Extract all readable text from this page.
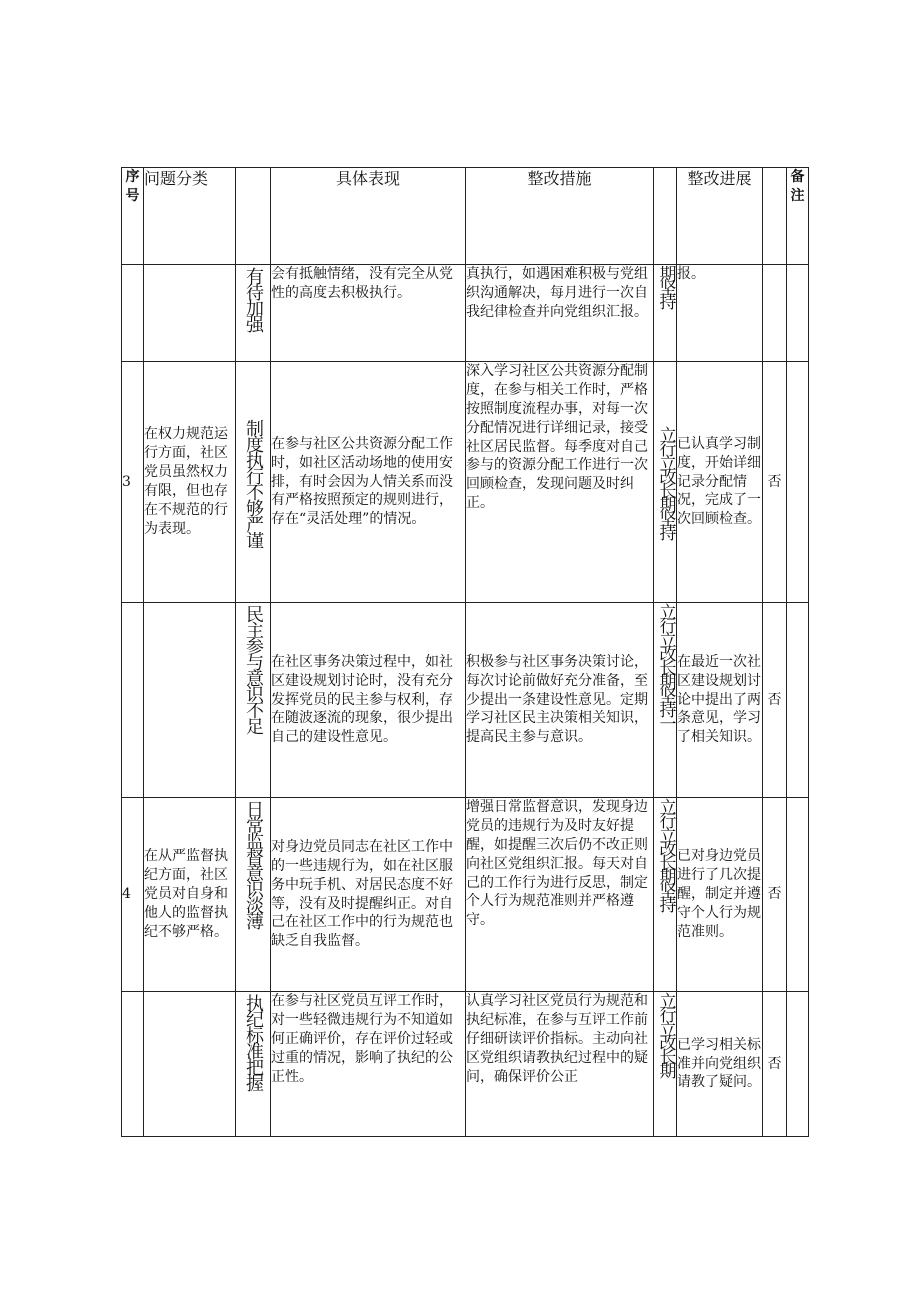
序号	问题分类		具体表现	整改措施		整改进展		备注

		有待加强	会有抵触情绪，没有完全从党性的高度去积极执行。	真执行，如遇困难积极与党组织沟通解决，每月进行一次自我纪律检查并向党组织汇报。	期坚持	报。		
3	在权力规范运行方面，社区党员虽然权力有限，但也存在不规范的行为表现。	制度执行不够严谨	在参与社区公共资源分配工作时，如社区活动场地的使用安排，有时会因为人情关系而没有严格按照预定的规则进行，存在“灵活处理”的情况。	深入学习社区公共资源分配制度，在参与相关工作时，严格按照制度流程办事，对每一次分配情况进行详细记录，接受社区居民监督。每季度对自己参与的资源分配工作进行一次回顾检查，发现问题及时纠正。	立行立改长期坚持	已认真学习制度，开始详细记录分配情况，完成了一次回顾检查。	否	

		民主参与意识不足	在社区事务决策过程中，如社区建设规划讨论时，没有充分发挥党员的民主参与权利，存在随波逐流的现象，很少提出自己的建设性意见。	积极参与社区事务决策讨论，每次讨论前做好充分准备，至少提出一条建设性意见。定期学习社区民主决策相关知识，提高民主参与意识。	立行立改长期坚持一	在最近一次社区建设规划讨论中提出了两条意见，学习了相关知识。	否	
4	在从严监督执纪方面，社区党员对自身和他人的监督执纪不够严格。	日常监督意识淡薄	对身边党员同志在社区工作中的一些违规行为，如在社区服务中玩手机、对居民态度不好等，没有及时提醒纠正。对自己在社区工作中的行为规范也缺乏自我监督。	增强日常监督意识，发现身边党员的违规行为及时友好提醒，如提醒三次后仍不改正则向社区党组织汇报。每天对自己的工作行为进行反思，制定个人行为规范准则并严格遵守。	立行立改长期坚持	已对身边党员进行了几次提醒，制定并遵守个人行为规范准则。	否	

		执纪标准把握	在参与社区党员互评工作时，对一些轻微违规行为不知道如何正确评价，存在评价过轻或过重的情况，影响了执纪的公正性。	认真学习社区党员行为规范和执纪标准，在参与互评工作前仔细研读评价指标。主动向社区党组织请教执纪过程中的疑问，确保评价公正	立行立改长期	已学习相关标准并向党组织请教了疑问。	否	
